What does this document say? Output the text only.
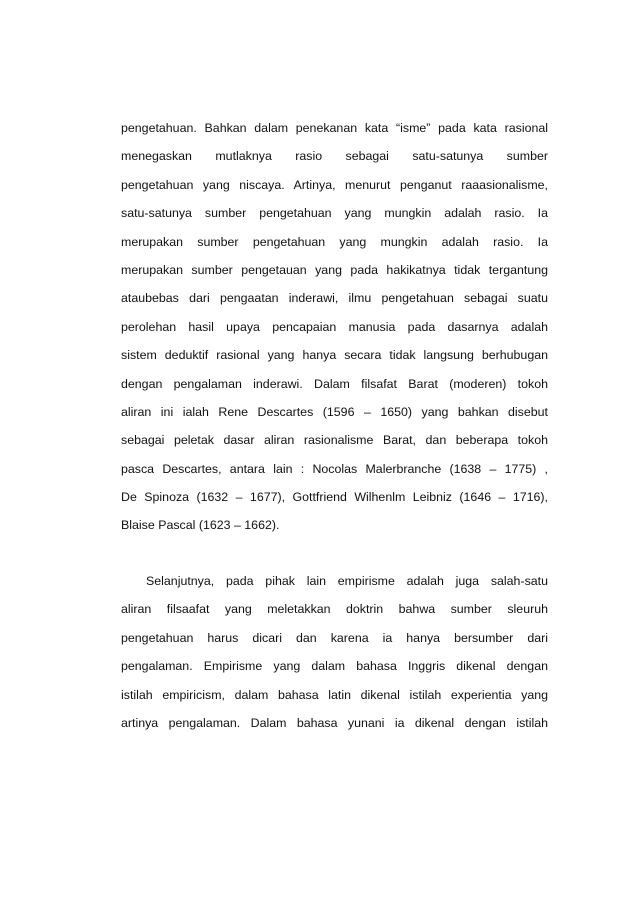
pengetahuan. Bahkan dalam penekanan kata “isme” pada kata rasional
menegaskan mutlaknya rasio sebagai satu-satunya sumber
pengetahuan yang niscaya. Artinya, menurut penganut raaasionalisme,
satu-satunya sumber pengetahuan yang mungkin adalah rasio. Ia
merupakan sumber pengetahuan yang mungkin adalah rasio. Ia
merupakan sumber pengetauan yang pada hakikatnya tidak tergantung
ataubebas dari pengaatan inderawi, ilmu pengetahuan sebagai suatu
perolehan hasil upaya pencapaian manusia pada dasarnya adalah
sistem deduktif rasional yang hanya secara tidak langsung berhubugan
dengan pengalaman inderawi. Dalam filsafat Barat (moderen) tokoh
aliran ini ialah Rene Descartes (1596 – 1650) yang bahkan disebut
sebagai peletak dasar aliran rasionalisme Barat, dan beberapa tokoh
pasca Descartes, antara lain : Nocolas Malerbranche (1638 – 1775) ,
De Spinoza (1632 – 1677), Gottfriend Wilhenlm Leibniz (1646 – 1716),
Blaise Pascal (1623 – 1662).
Selanjutnya, pada pihak lain empirisme adalah juga salah-satu
aliran filsaafat yang meletakkan doktrin bahwa sumber sleuruh
pengetahuan harus dicari dan karena ia hanya bersumber dari
pengalaman. Empirisme yang dalam bahasa Inggris dikenal dengan
istilah empiricism, dalam bahasa latin dikenal istilah experientia yang
artinya pengalaman. Dalam bahasa yunani ia dikenal dengan istilah
